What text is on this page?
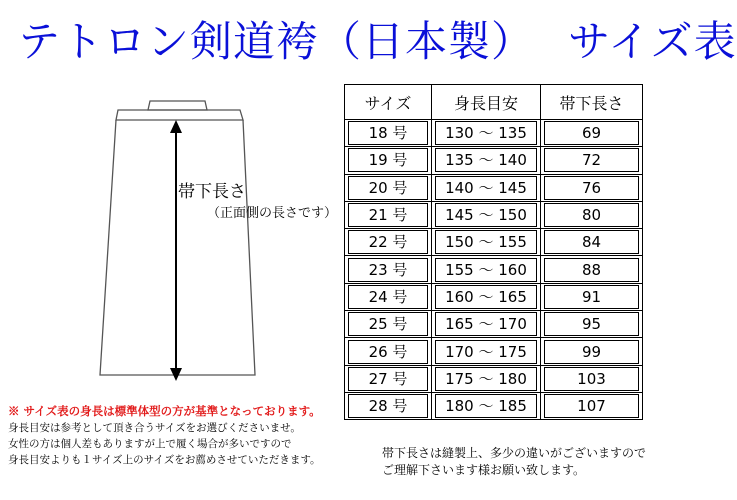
テトロン剣道袴（日本製） サイズ表
帯下長さ
（正面側の長さです）
サイズ	身長目安	帯下長さ

18 号	130 ～ 135	69

19 号	135 ～ 140	72

20 号	140 ～ 145	76

21 号	145 ～ 150	80

22 号	150 ～ 155	84

23 号	155 ～ 160	88

24 号	160 ～ 165	91

25 号	165 ～ 170	95

26 号	170 ～ 175	99

27 号	175 ～ 180	103

28 号	180 ～ 185	107
※ サイズ表の身長は標準体型の方が基準となっております。
身長目安は参考として頂き合うサイズをお選びくださいませ。
女性の方は個人差もありますが上で履く場合が多いですので
身長目安よりも１サイズ上のサイズをお薦めさせていただきます。	帯下長さは縫製上、多少の違いがございますので
ご理解下さいます様お願い致します。
